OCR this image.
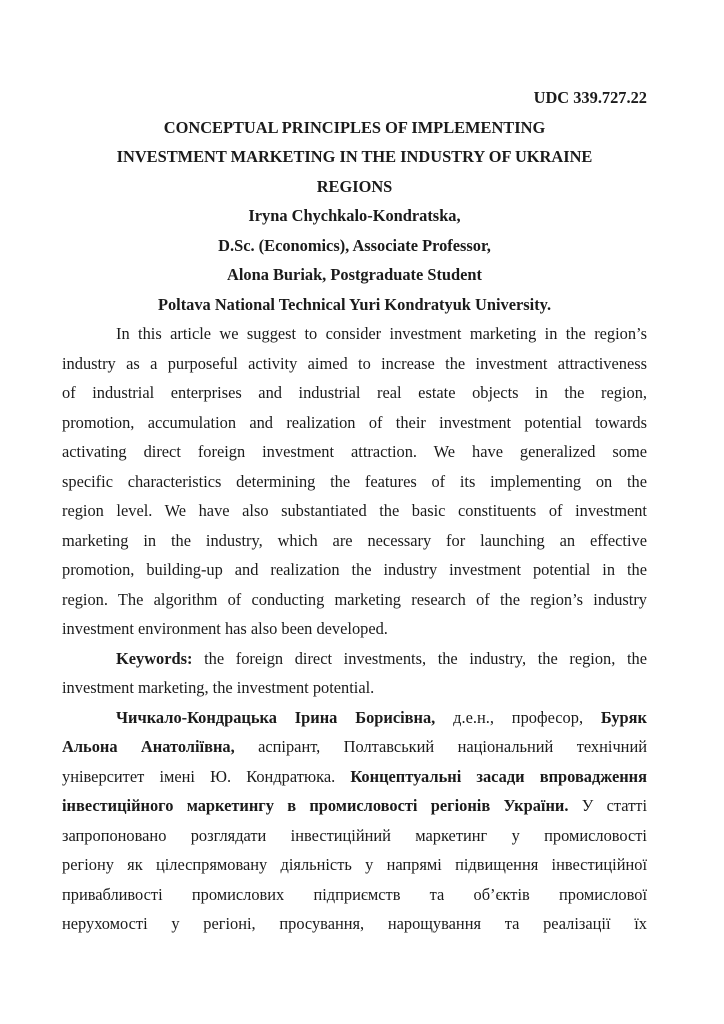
UDC 339.727.22
CONCEPTUAL PRINCIPLES OF IMPLEMENTING
INVESTMENT MARKETING IN THE INDUSTRY OF UKRAINE
REGIONS
Iryna Chychkalo-Kondratska,
D.Sc. (Economics), Associate Professor,
Alona Buriak, Postgraduate Student
Poltava National Technical Yuri Kondratyuk University.
In this article we suggest to consider investment marketing in the region’s
industry as a purposeful activity aimed to increase the investment attractiveness
of industrial enterprises and industrial real estate objects in the region,
promotion, accumulation and realization of their investment potential towards
activating direct foreign investment attraction. We have generalized some
specific characteristics determining the features of its implementing on the
region level. We have also substantiated the basic constituents of investment
marketing in the industry, which are necessary for launching an effective
promotion, building-up and realization the industry investment potential in the
region. The algorithm of conducting marketing research of the region’s industry
investment environment has also been developed.
Keywords: the foreign direct investments, the industry, the region, the
investment marketing, the investment potential.
Чичкало-Кондрацька Ірина Борисівна, д.е.н., професор, Буряк
Альона Анатоліївна, аспірант, Полтавський національний технічний
університет імені Ю. Кондратюка. Концептуальні засади впровадження
інвестиційного маркетингу в промисловості регіонів України. У статті
запропоновано розглядати інвестиційний маркетинг у промисловості
регіону як цілеспрямовану діяльність у напрямі підвищення інвестиційної
привабливості промислових підприємств та об’єктів промислової
нерухомості у регіоні, просування, нарощування та реалізації їх
